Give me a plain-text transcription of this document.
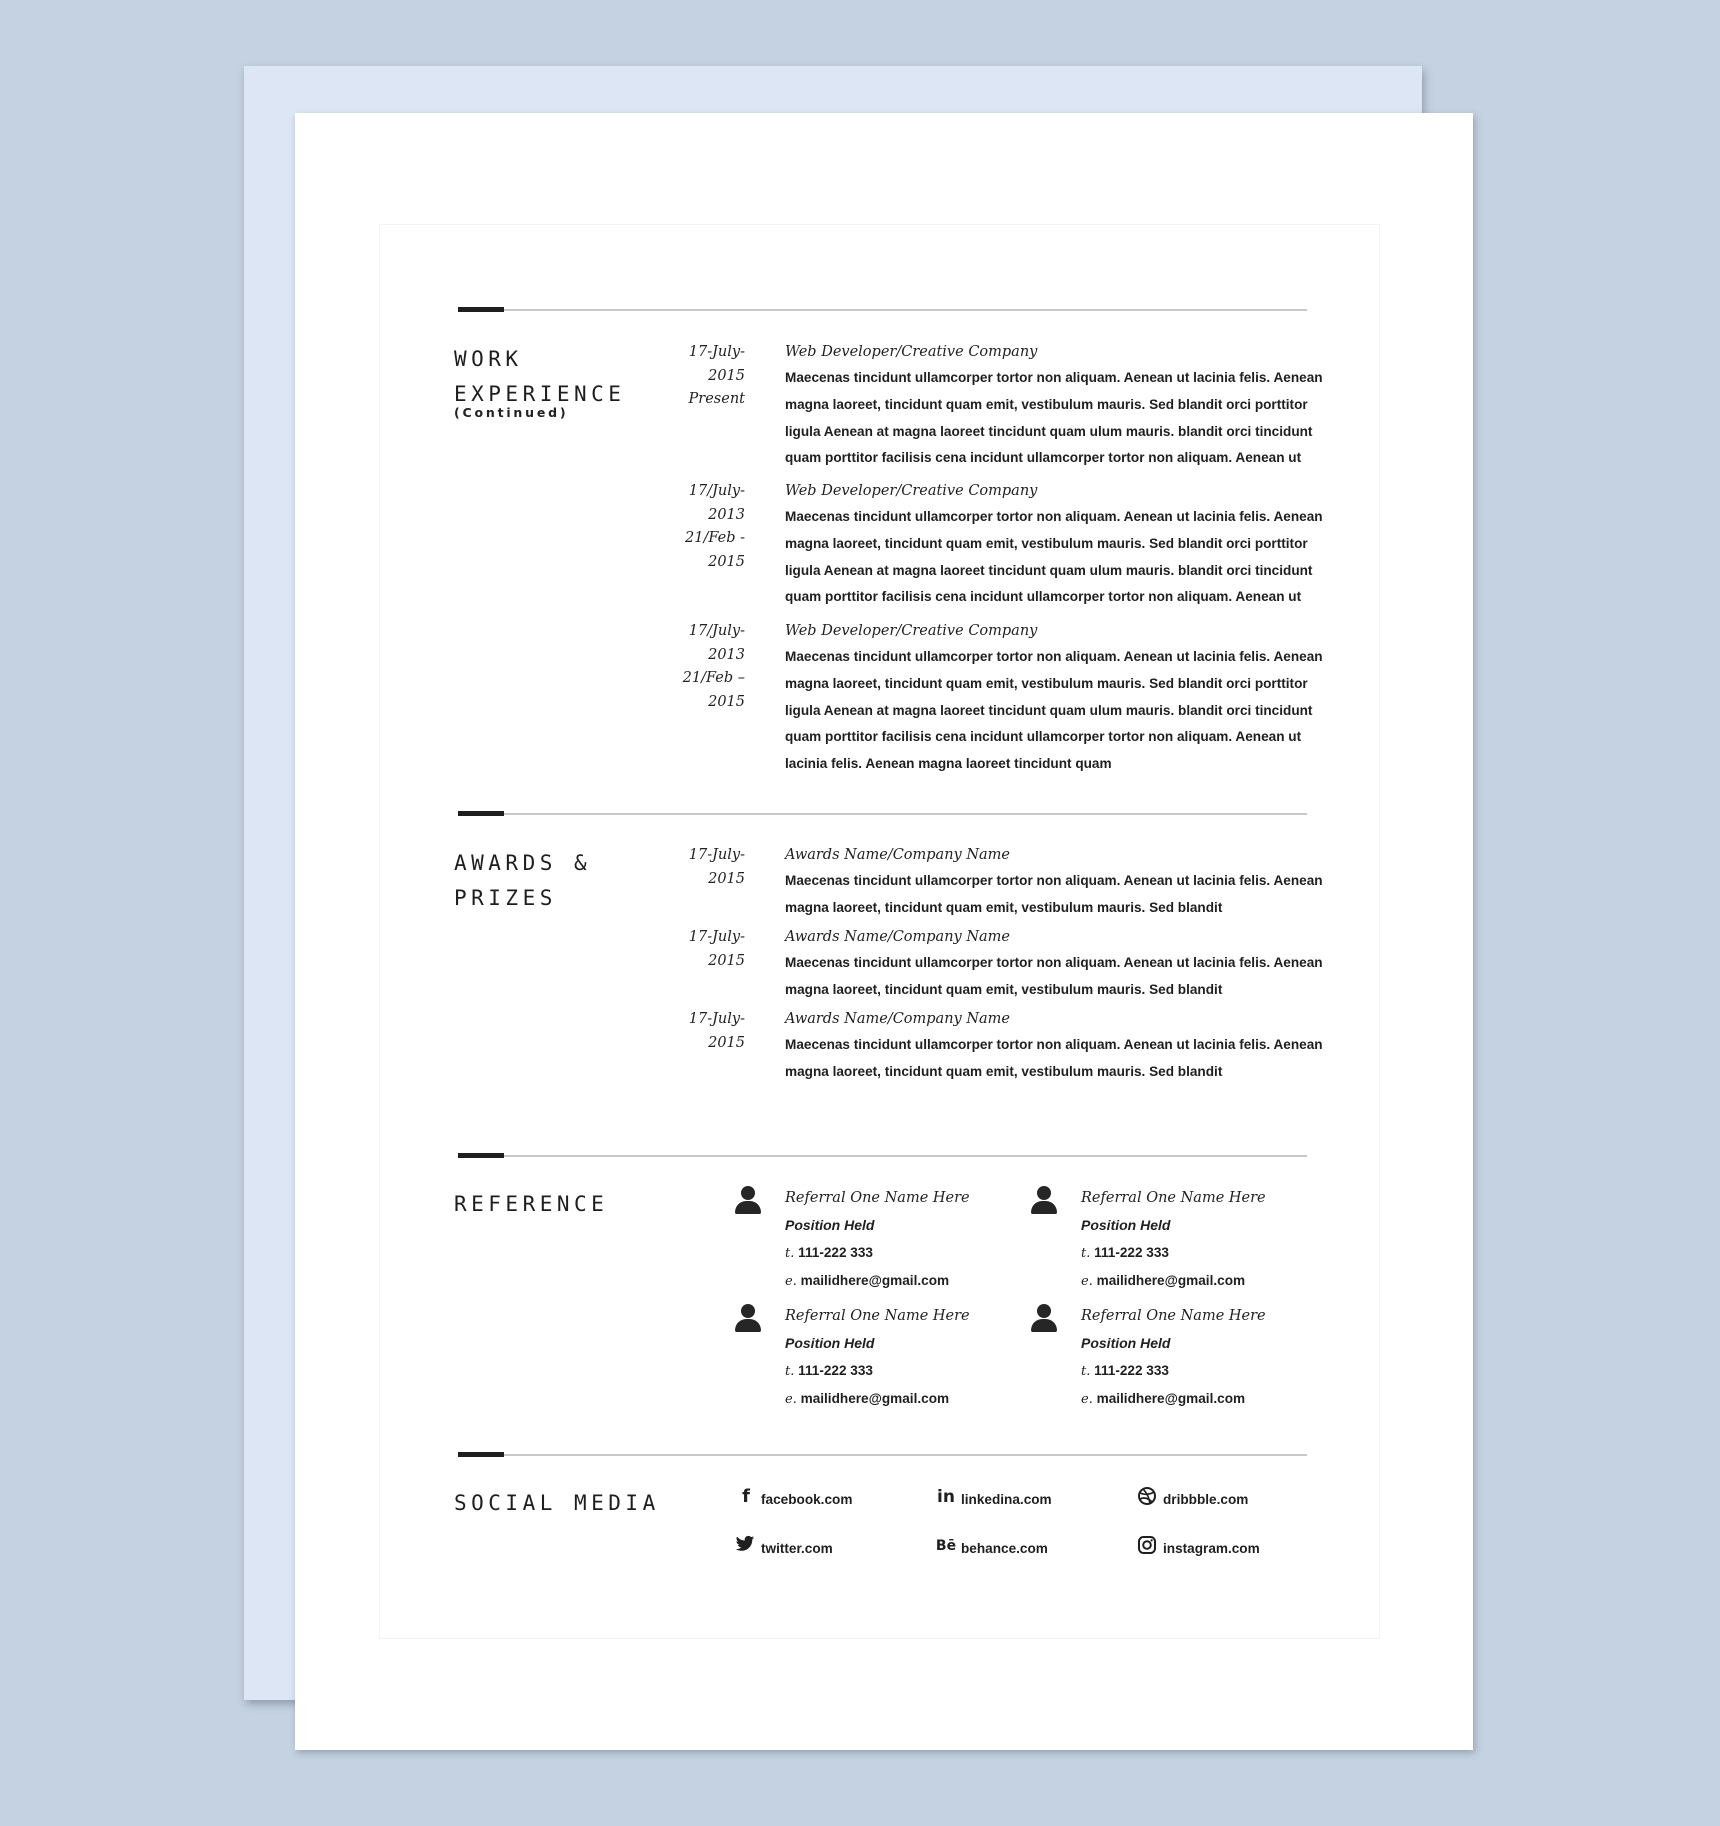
WORK
EXPERIENCE
(Continued)
17-July-
2015
Present
Web Developer/Creative Company
Maecenas tincidunt ullamcorper tortor non aliquam. Aenean ut lacinia felis. Aenean
magna laoreet, tincidunt quam emit, vestibulum mauris. Sed blandit orci porttitor
ligula Aenean at magna laoreet tincidunt quam ulum mauris. blandit orci tincidunt
quam porttitor facilisis cena incidunt ullamcorper tortor non aliquam. Aenean ut
17/July-
2013
21/Feb -
2015
Web Developer/Creative Company
Maecenas tincidunt ullamcorper tortor non aliquam. Aenean ut lacinia felis. Aenean
magna laoreet, tincidunt quam emit, vestibulum mauris. Sed blandit orci porttitor
ligula Aenean at magna laoreet tincidunt quam ulum mauris. blandit orci tincidunt
quam porttitor facilisis cena incidunt ullamcorper tortor non aliquam. Aenean ut
17/July-
2013
21/Feb –
2015
Web Developer/Creative Company
Maecenas tincidunt ullamcorper tortor non aliquam. Aenean ut lacinia felis. Aenean
magna laoreet, tincidunt quam emit, vestibulum mauris. Sed blandit orci porttitor
ligula Aenean at magna laoreet tincidunt quam ulum mauris. blandit orci tincidunt
quam porttitor facilisis cena incidunt ullamcorper tortor non aliquam. Aenean ut
lacinia felis. Aenean magna laoreet tincidunt quam
AWARDS &
PRIZES
17-July-
2015
Awards Name/Company Name
Maecenas tincidunt ullamcorper tortor non aliquam. Aenean ut lacinia felis. Aenean
magna laoreet, tincidunt quam emit, vestibulum mauris. Sed blandit
17-July-
2015
Awards Name/Company Name
Maecenas tincidunt ullamcorper tortor non aliquam. Aenean ut lacinia felis. Aenean
magna laoreet, tincidunt quam emit, vestibulum mauris. Sed blandit
17-July-
2015
Awards Name/Company Name
Maecenas tincidunt ullamcorper tortor non aliquam. Aenean ut lacinia felis. Aenean
magna laoreet, tincidunt quam emit, vestibulum mauris. Sed blandit
REFERENCE	Referral One Name Here
Position Held
t. 111-222 333
e. mailidhere@gmail.com
Referral One Name Here
Position Held
t. 111-222 333
e. mailidhere@gmail.com
Referral One Name Here
Position Held
t. 111-222 333
e. mailidhere@gmail.com
Referral One Name Here
Position Held
t. 111-222 333
e. mailidhere@gmail.com
SOCIAL MEDIA	f facebook.com	in linkedina.com	dribbble.com
twitter.com	Bē behance.com	instagram.com
